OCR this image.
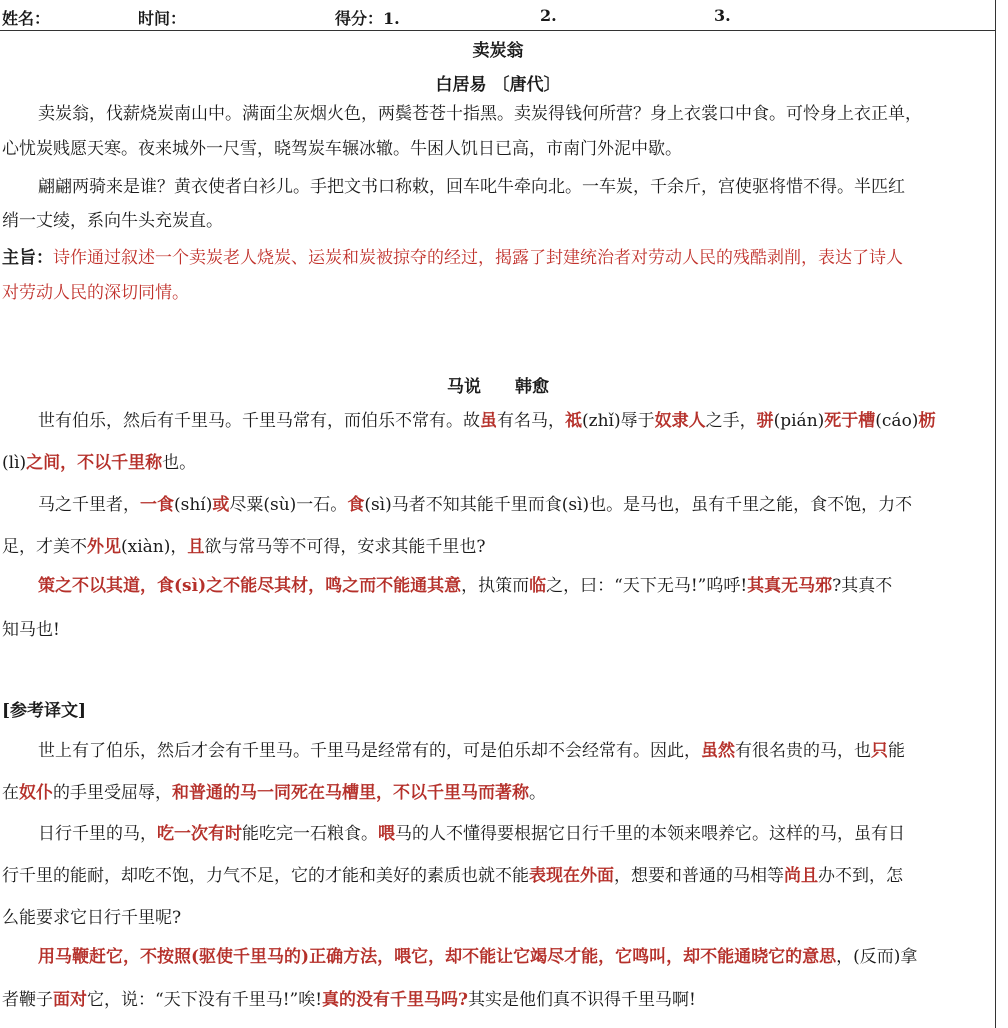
姓名：	时间：	得分：1.	2.	3.
卖炭翁
白居易 〔唐代〕

卖炭翁，伐薪烧炭南山中。满面尘灰烟火色，两鬓苍苍十指黑。卖炭得钱何所营？身上衣裳口中食。可怜身上衣正单，
心忧炭贱愿天寒。夜来城外一尺雪，晓驾炭车辗冰辙。牛困人饥日已高，市南门外泥中歇。

翩翩两骑来是谁？黄衣使者白衫儿。手把文书口称敕，回车叱牛牵向北。一车炭，千余斤，宫使驱将惜不得。半匹红
绡一丈绫，系向牛头充炭直。

主旨：诗作通过叙述一个卖炭老人烧炭、运炭和炭被掠夺的经过，揭露了封建统治者对劳动人民的残酷剥削，表达了诗人
对劳动人民的深切同情。

马说　　韩愈

世有伯乐，然后有千里马。千里马常有，而伯乐不常有。故虽有名马，祗(zhǐ)辱于奴隶人之手，骈(pián)死于槽(cáo)枥
(lì)之间，不以千里称也。

马之千里者，一食(shí)或尽粟(sù)一石。食(sì)马者不知其能千里而食(sì)也。是马也，虽有千里之能，食不饱，力不
足，才美不外见(xiàn)，且欲与常马等不可得，安求其能千里也?

策之不以其道，食(sì)之不能尽其材，鸣之而不能通其意，执策而临之，曰：“天下无马!”呜呼!其真无马邪?其真不
知马也!

[参考译文]

世上有了伯乐，然后才会有千里马。千里马是经常有的，可是伯乐却不会经常有。因此，虽然有很名贵的马，也只能
在奴仆的手里受屈辱，和普通的马一同死在马槽里，不以千里马而著称。

日行千里的马，吃一次有时能吃完一石粮食。喂马的人不懂得要根据它日行千里的本领来喂养它。这样的马，虽有日
行千里的能耐，却吃不饱，力气不足，它的才能和美好的素质也就不能表现在外面，想要和普通的马相等尚且办不到，怎
么能要求它日行千里呢?

用马鞭赶它，不按照(驱使千里马的)正确方法，喂它，却不能让它竭尽才能，它鸣叫，却不能通晓它的意思，(反而)拿
者鞭子面对它，说：“天下没有千里马!”唉!真的没有千里马吗?其实是他们真不识得千里马啊!
